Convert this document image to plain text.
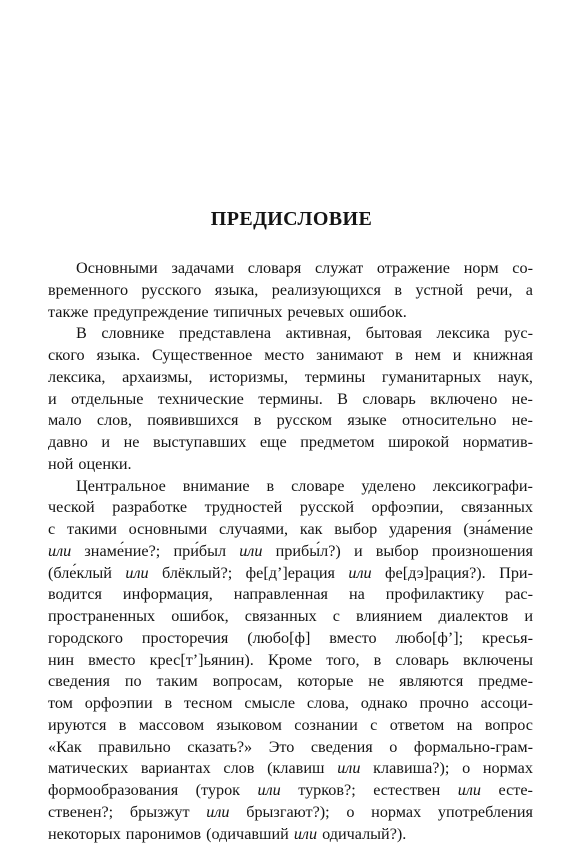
ПРЕДИСЛОВИЕ
Основными задачами словаря служат отражение норм со-
временного русского языка, реализующихся в устной речи, а
также предупреждение типичных речевых ошибок.
В словнике представлена активная, бытовая лексика рус-
ского языка. Существенное место занимают в нем и книжная
лексика, архаизмы, историзмы, термины гуманитарных наук,
и отдельные технические термины. В словарь включено не-
мало слов, появившихся в русском языке относительно не-
давно и не выступавших еще предметом широкой норматив-
ной оценки.
Центральное внимание в словаре уделено лексикографи-
ческой разработке трудностей русской орфоэпии, связанных
с такими основными случаями, как выбор ударения (зна́мение
или знаме́ние?; при́был или прибы́л?) и выбор произношения
(бле́клый или блёклый?; фе[дʼ]ерация или фе[дэ]рация?). При-
водится информация, направленная на профилактику рас-
пространенных ошибок, связанных с влиянием диалектов и
городского просторечия (любо[ф] вместо любо[фʼ]; кресья-
нин вместо крес[тʼ]ьянин). Кроме того, в словарь включены
сведения по таким вопросам, которые не являются предме-
том орфоэпии в тесном смысле слова, однако прочно ассоци-
ируются в массовом языковом сознании с ответом на вопрос
«Как правильно сказать?» Это сведения о формально-грам-
матических вариантах слов (клавиш или клавиша?); о нормах
формообразования (турок или турков?; естествен или есте-
ственен?; брызжут или брызгают?); о нормах употребления
некоторых паронимов (одичавший или одичалый?).
